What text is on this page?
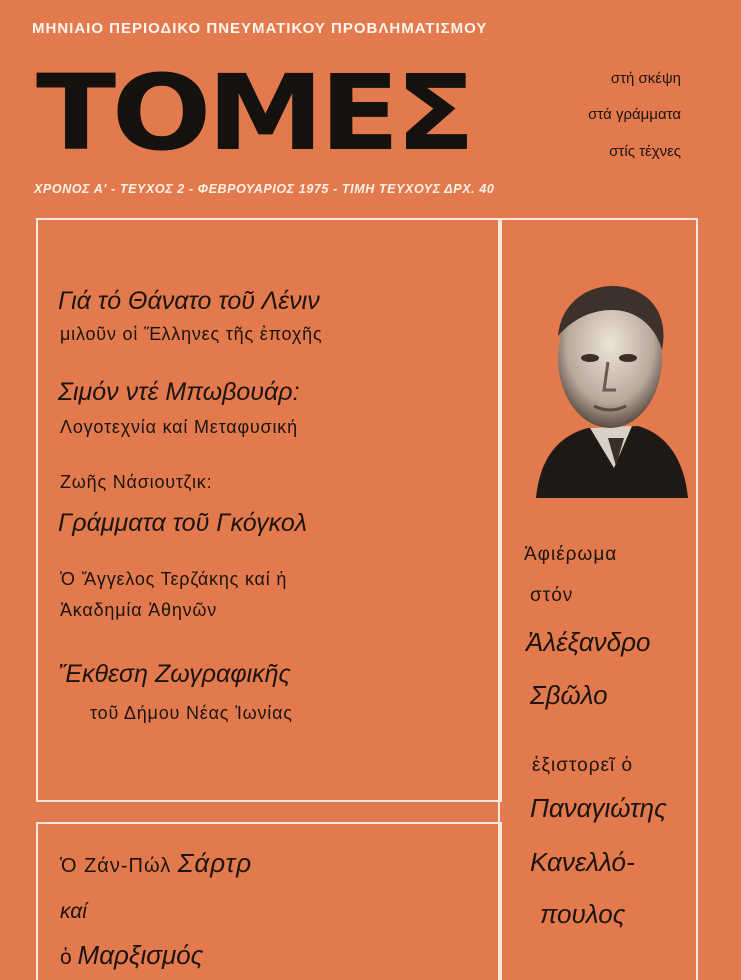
ΜΗΝΙΑΙΟ ΠΕΡΙΟΔΙΚΟ ΠΝΕΥΜΑΤΙΚΟΥ ΠΡΟΒΛΗΜΑΤΙΣΜΟΥ
ΤΟΜΕΣ	στή σκέψη
στά γράμματα
στίς τέχνες
ΧΡΟΝΟΣ Α' - ΤΕΥΧΟΣ 2 - ΦΕΒΡΟΥΑΡΙΟΣ 1975 - ΤΙΜΗ ΤΕΥΧΟΥΣ ΔΡΧ. 40
Γιά τό Θάνατο τοῦ Λένιν
μιλοῦν οἱ Ἕλληνες τῆς ἐποχῆς
Σιμόν ντέ Μπωβουάρ:
Λογοτεχνία καί Μεταφυσική
Ζωῆς Νάσιουτζικ:
Γράμματα τοῦ Γκόγκολ
Ὁ Ἄγγελος Τερζάκης καί ἡ
Ἀκαδημία Ἀθηνῶν
Ἔκθεση Ζωγραφικῆς
τοῦ Δήμου Νέας Ἰωνίας
Ὁ Ζάν-Πώλ Σάρτρ
καί
ὁ Μαρξισμός
Ἀφιέρωμα
στόν
Ἀλέξανδρο
Σβῶλο
ἐξιστορεῖ ὁ
Παναγιώτης
Κανελλό-
πουλος
